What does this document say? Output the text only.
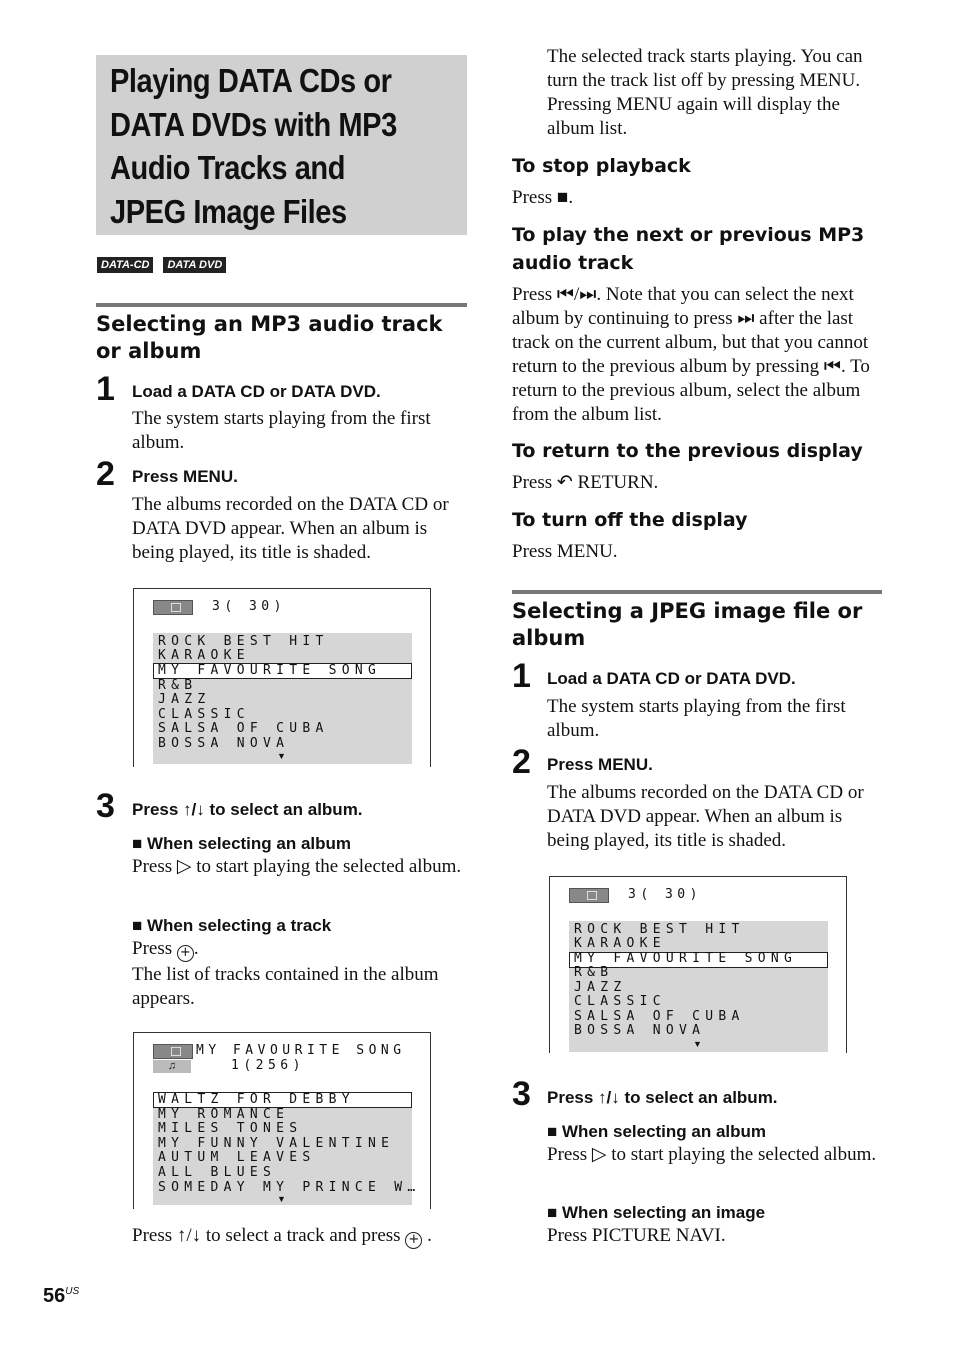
Playing DATA CDs or DATA DVDs with MP3 Audio Tracks and JPEG Image Files
DATA-CD DATA DVD
Selecting an MP3 audio track or album
1 Load a DATA CD or DATA DVD.
The system starts playing from the first album.
2 Press MENU.
The albums recorded on the DATA CD or DATA DVD appear. When an album is being played, its title is shaded.
3( 30)
ROCK BEST HIT
KARAOKE
MY FAVOURITE SONG
R&B
JAZZ
CLASSIC
SALSA OF CUBA
BOSSA NOVA
▼
3 Press ↑/↓ to select an album.
■ When selecting an album
Press ▷ to start playing the selected album.
■ When selecting a track
Press + .
The list of tracks contained in the album appears.
MY FAVOURITE SONG
♫	1(256)
WALTZ FOR DEBBY
MY ROMANCE
MILES TONES
MY FUNNY VALENTINE
AUTUM LEAVES
ALL BLUES
SOMEDAY MY PRINCE W…
▼
Press ↑/↓ to select a track and press + .
The selected track starts playing. You can turn the track list off by pressing MENU. Pressing MENU again will display the album list.
To stop playback
Press ■.
To play the next or previous MP3 audio track
Press ⏮/⏭. Note that you can select the next album by continuing to press ⏭ after the last track on the current album, but that you cannot return to the previous album by pressing ⏮. To return to the previous album, select the album from the album list.
To return to the previous display
Press ↶ RETURN.
To turn off the display
Press MENU.
Selecting a JPEG image file or album
1 Load a DATA CD or DATA DVD.
The system starts playing from the first album.
2 Press MENU.
The albums recorded on the DATA CD or DATA DVD appear. When an album is being played, its title is shaded.
3( 30)
ROCK BEST HIT
KARAOKE
MY FAVOURITE SONG
R&B
JAZZ
CLASSIC
SALSA OF CUBA
BOSSA NOVA
▼
3 Press ↑/↓ to select an album.
■ When selecting an album
Press ▷ to start playing the selected album.
■ When selecting an image
Press PICTURE NAVI.
56$^{US}$
